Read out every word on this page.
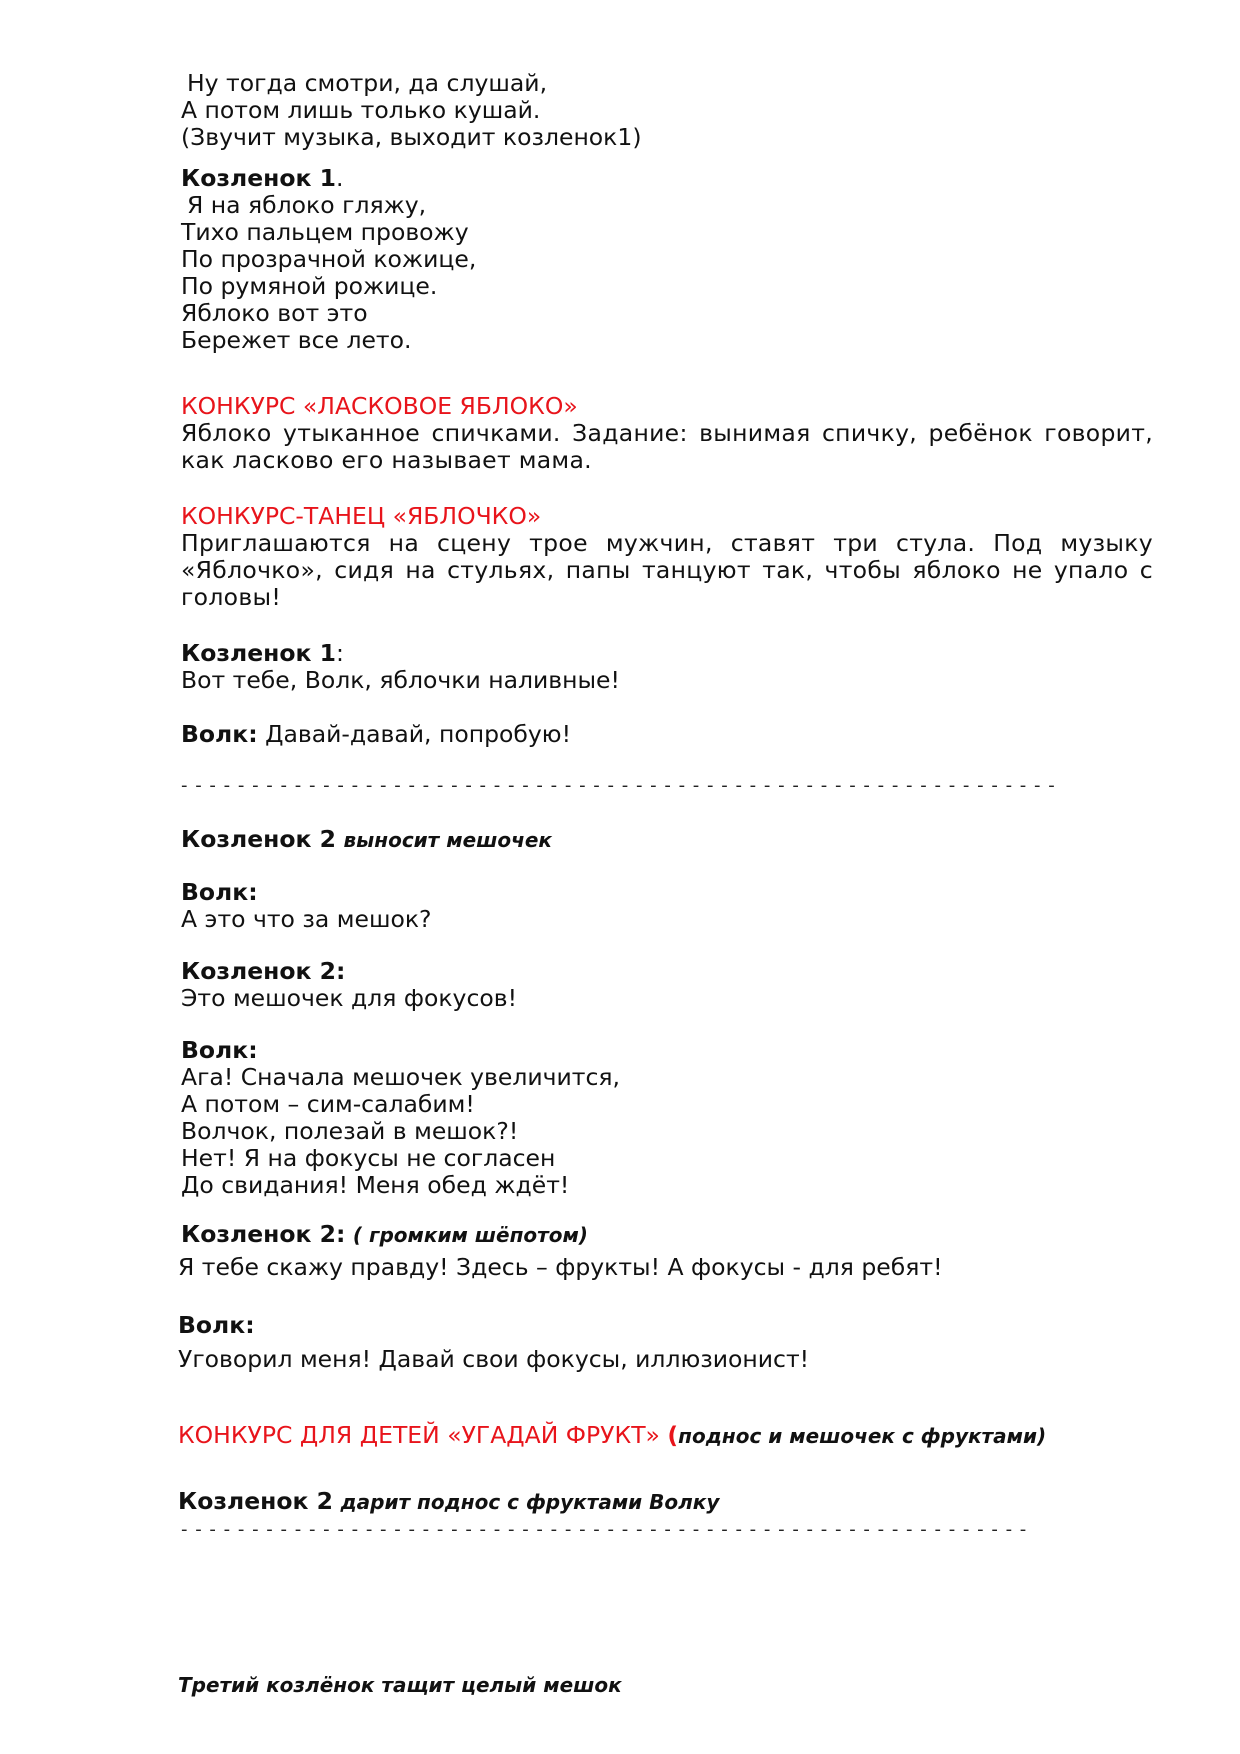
Ну тогда смотри, да слушай,
А потом лишь только кушай.
(Звучит музыка, выходит козленок1)
Козленок 1.
Я на яблоко гляжу,
Тихо пальцем провожу
По прозрачной кожице,
По румяной рожице.
Яблоко вот это
Бережет все лето.
КОНКУРС «ЛАСКОВОЕ ЯБЛОКО»
Яблоко утыканное спичками. Задание: вынимая спичку, ребёнок говорит, как ласково его называет мама.
КОНКУРС-ТАНЕЦ «ЯБЛОЧКО»
Приглашаются на сцену трое мужчин, ставят три стула. Под музыку «Яблочко», сидя на стульях, папы танцуют так, чтобы яблоко не упало с головы!
Козленок 1:
Вот тебе, Волк, яблочки наливные!
Волк: Давай-давай, попробую!
- - - - - - - - - - - - - - - - - - - - - - - - - - - - - - - - - - - - - - - - - - - - - - - - - - - - - - - - - - - - - -
Козленок 2 выносит мешочек
Волк:
А это что за мешок?
Козленок 2:
Это мешочек для фокусов!
Волк:
Ага! Сначала мешочек увеличится,
А потом – сим-салабим!
Волчок, полезай в мешок?!
Нет! Я на фокусы не согласен
До свидания! Меня обед ждёт!
Козленок 2: ( громким шёпотом)
Я тебе скажу правду! Здесь – фрукты! А фокусы - для ребят!
Волк:
Уговорил меня! Давай свои фокусы, иллюзионист!
КОНКУРС ДЛЯ ДЕТЕЙ «УГАДАЙ ФРУКТ» (поднос и мешочек с фруктами)
Козленок 2 дарит поднос с фруктами Волку
- - - - - - - - - - - - - - - - - - - - - - - - - - - - - - - - - - - - - - - - - - - - - - - - - - - - - - - - - - - -
Третий козлёнок тащит целый мешок
